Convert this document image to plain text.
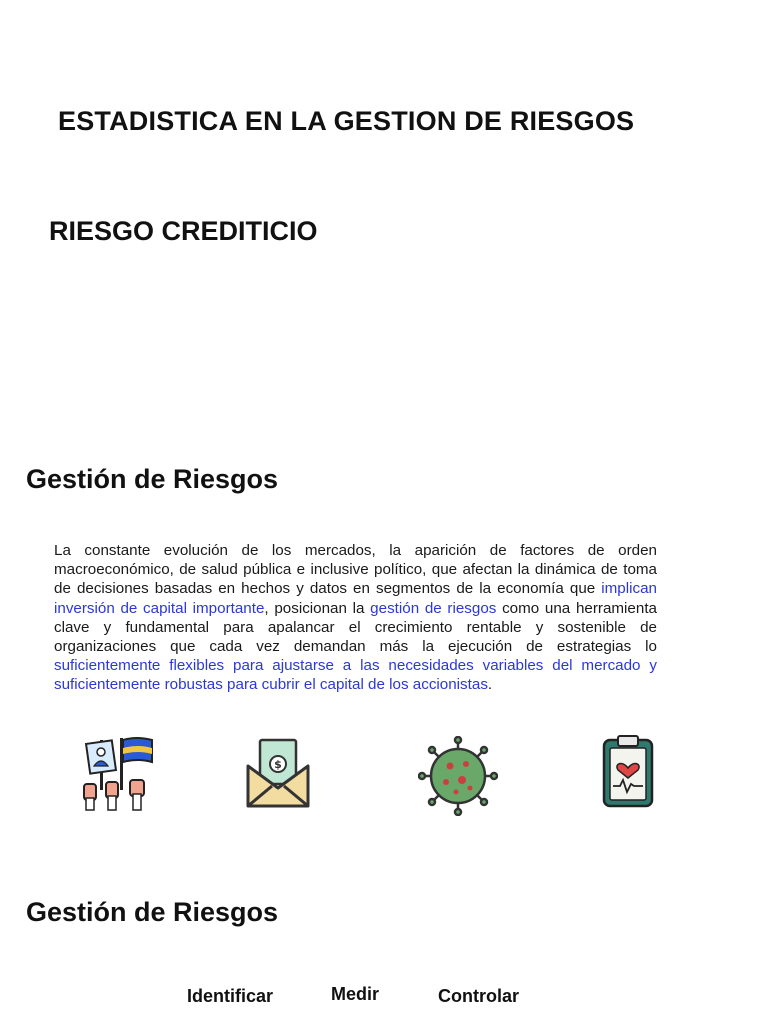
ESTADISTICA EN LA GESTION DE RIESGOS
RIESGO CREDITICIO
Gestión de Riesgos

La constante evolución de los mercados, la aparición de factores de orden macroeconómico, de salud pública e inclusive político, que afectan la dinámica de toma de decisiones basadas en hechos y datos en segmentos de la economía que implican inversión de capital importante, posicionan la gestión de riesgos como una herramienta clave y fundamental para apalancar el crecimiento rentable y sostenible de organizaciones que cada vez demandan más la ejecución de estrategias lo suficientemente flexibles para ajustarse a las necesidades variables del mercado y suficientemente robustas para cubrir el capital de los accionistas.

$
Gestión de Riesgos
Identificar	Medir	Controlar
